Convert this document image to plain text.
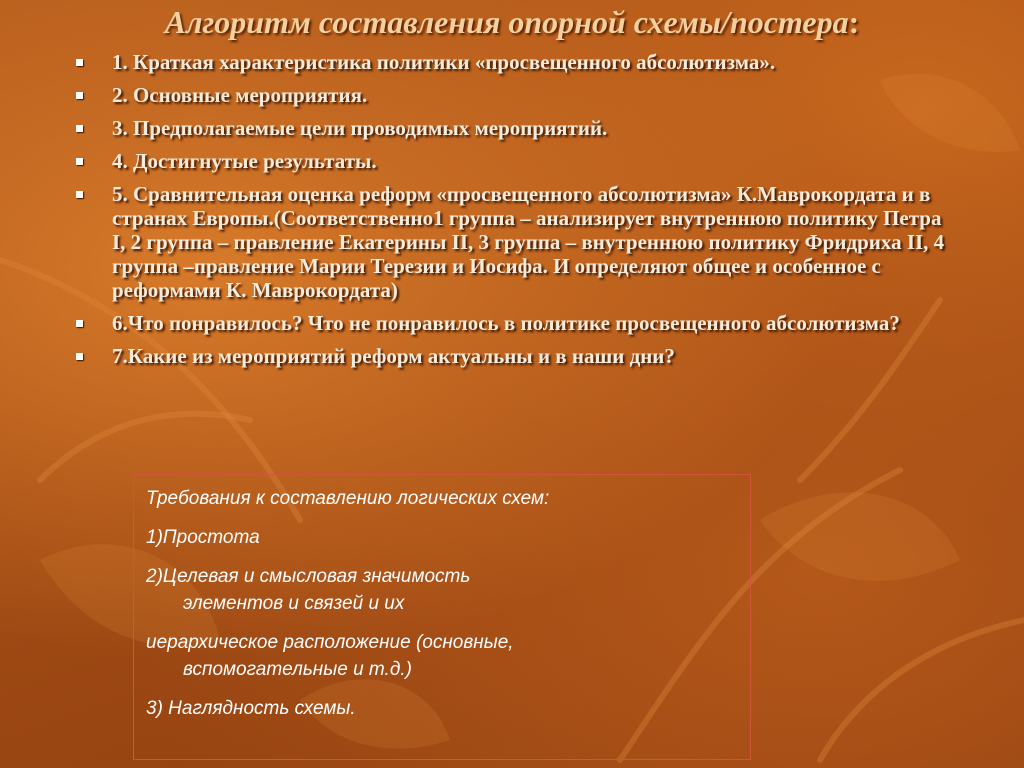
Алгоритм составления опорной схемы/постера:
1. Краткая характеристика политики «просвещенного абсолютизма».
2. Основные мероприятия.
3. Предполагаемые цели проводимых мероприятий.
4. Достигнутые результаты.
5. Сравнительная оценка реформ «просвещенного абсолютизма» К.Маврокордата и в странах Европы.(Соответственно1 группа – анализирует внутреннюю политику Петра I, 2 группа – правление Екатерины II, 3 группа – внутреннюю политику Фридриха II, 4 группа –правление Марии Терезии и Иосифа. И определяют общее и особенное с реформами К. Маврокордата)
6.Что понравилось? Что не понравилось в политике просвещенного абсолютизма?
7.Какие из мероприятий реформ актуальны и в наши дни?

Требования к составлению логических схем:

1)Простота

2)Целевая и смысловая значимость

элементов и связей и их

иерархическое расположение (основные,

вспомогательные и т.д.)

3) Наглядность схемы.
